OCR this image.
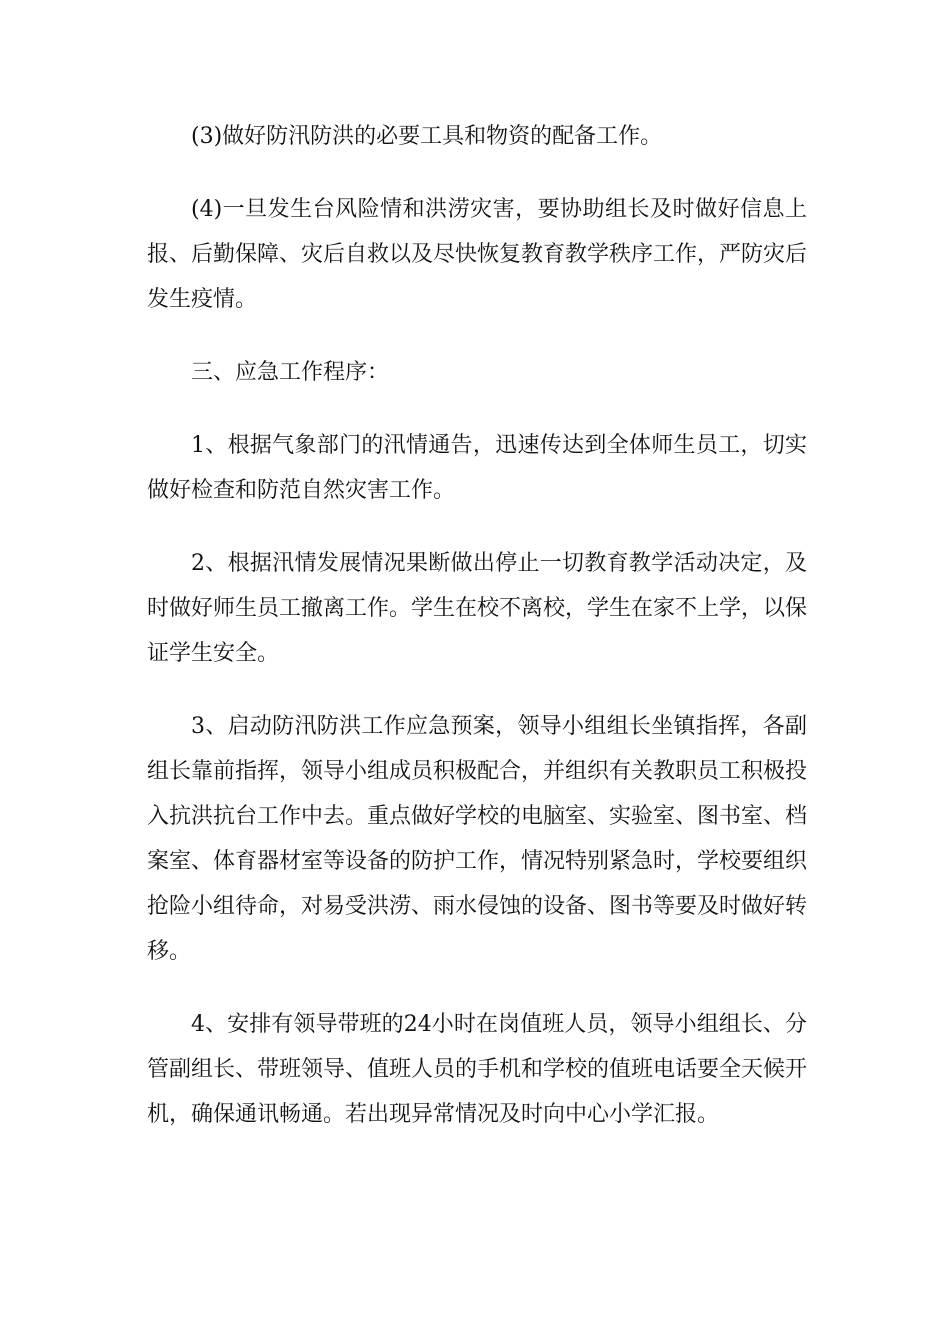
(3)做好防汛防洪的必要工具和物资的配备工作。

(4)一旦发生台风险情和洪涝灾害，要协助组长及时做好信息上报、后勤保障、灾后自救以及尽快恢复教育教学秩序工作，严防灾后发生疫情。

三、应急工作程序：

1、根据气象部门的汛情通告，迅速传达到全体师生员工，切实做好检查和防范自然灾害工作。

2、根据汛情发展情况果断做出停止一切教育教学活动决定，及时做好师生员工撤离工作。学生在校不离校，学生在家不上学，以保证学生安全。

3、启动防汛防洪工作应急预案，领导小组组长坐镇指挥，各副组长靠前指挥，领导小组成员积极配合，并组织有关教职员工积极投入抗洪抗台工作中去。重点做好学校的电脑室、实验室、图书室、档案室、体育器材室等设备的防护工作，情况特别紧急时，学校要组织抢险小组待命，对易受洪涝、雨水侵蚀的设备、图书等要及时做好转移。

4、安排有领导带班的24小时在岗值班人员，领导小组组长、分管副组长、带班领导、值班人员的手机和学校的值班电话要全天候开机，确保通讯畅通。若出现异常情况及时向中心小学汇报。
